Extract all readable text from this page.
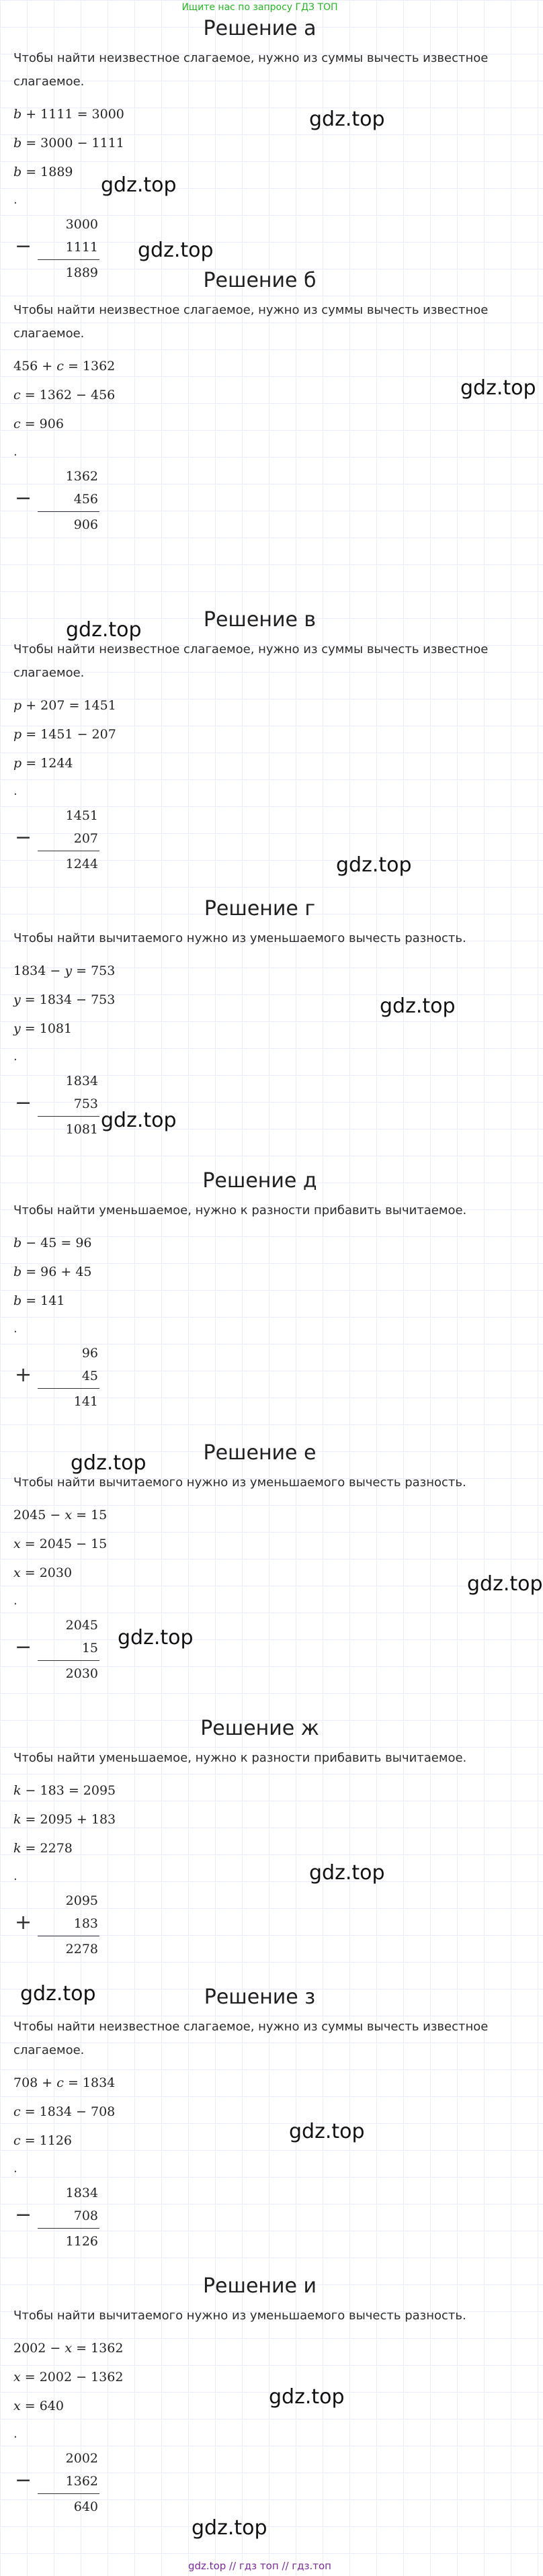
Ищите нас по запросу ГДЗ ТОП
Решение а
Чтобы найти неизвестное слагаемое, нужно из суммы вычесть известное слагаемое.
b + 1111 = 3000
b = 3000 − 1111
b = 1889
.
−
3000
1111
1889	Решение б
Чтобы найти неизвестное слагаемое, нужно из суммы вычесть известное слагаемое.
456 + c = 1362
c = 1362 − 456
c = 906
.
−
1362
456
906
Решение в
Чтобы найти неизвестное слагаемое, нужно из суммы вычесть известное слагаемое.
p + 207 = 1451
p = 1451 − 207
p = 1244
.
−
1451
207
1244
Решение г
Чтобы найти вычитаемого нужно из уменьшаемого вычесть разность.
1834 − y = 753
y = 1834 − 753
y = 1081
.
−
1834
753
1081
Решение д
Чтобы найти уменьшаемое, нужно к разности прибавить вычитаемое.
b − 45 = 96
b = 96 + 45
b = 141
.
+
96
45
141
Решение е
Чтобы найти вычитаемого нужно из уменьшаемого вычесть разность.
2045 − x = 15
x = 2045 − 15
x = 2030
.
−
2045
15
2030
Решение ж
Чтобы найти уменьшаемое, нужно к разности прибавить вычитаемое.
k − 183 = 2095
k = 2095 + 183
k = 2278
.
+
2095
183
2278
Решение з
Чтобы найти неизвестное слагаемое, нужно из суммы вычесть известное слагаемое.
708 + c = 1834
c = 1834 − 708
c = 1126
.
−
1834
708
1126
Решение и
Чтобы найти вычитаемого нужно из уменьшаемого вычесть разность.
2002 − x = 1362
x = 2002 − 1362
x = 640
.
−
2002
1362
640
gdz.top
gdz.top
gdz.top
gdz.top
gdz.top
gdz.top
gdz.top
gdz.top
gdz.top
gdz.top
gdz.top
gdz.top
gdz.top
gdz.top
gdz.top
gdz.top
gdz.top // гдз топ // гдз.топ
